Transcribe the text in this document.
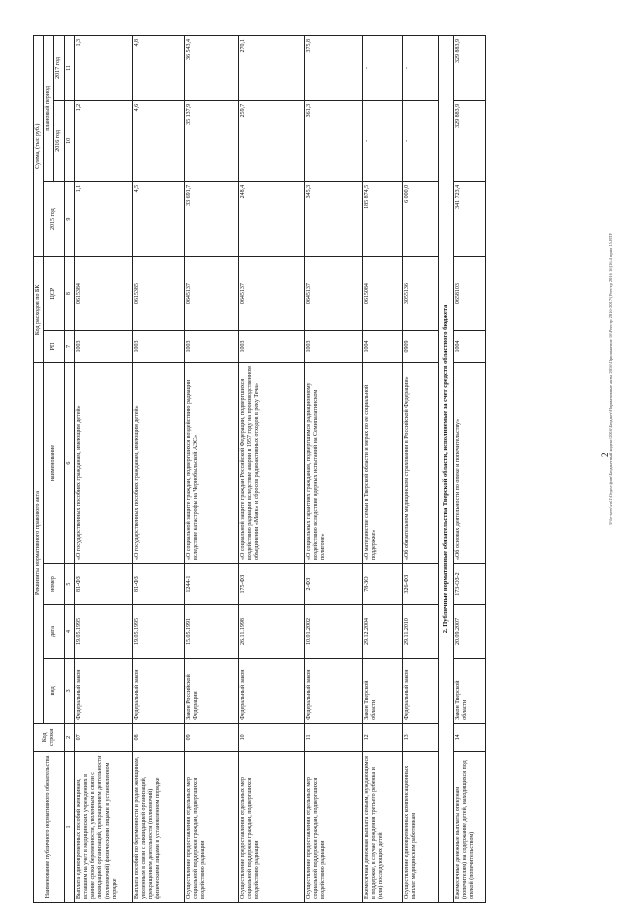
2
\File-serv\vol1\Отдел фин\Бюджетный кодекс\2016\Бюджет\Нормативные акты 2016\Приложение 16\Реестр 2016-2017\[Реестр 2016 16]16.4 прил 15.RTF
Наименование публичного нормативного обязательства	Код строки	Реквизиты нормативного правового акта				Код расходов по БК		Сумма, (тыс руб.)		
		вид	дата	номер	наименование	РП	ЦСР	2015 год	плановый период	
									2016 год	2017 год
1	2	3	4	5	6	7	8	9	10	11
Выплата единовременных пособий женщинам, вставшим на учет в медицинских учреждениях в ранние сроки беременности, уволенным в связи с ликвидацией организаций, прекращением деятельности (полномочий) физическими лицами в установленном порядке	07	Федеральный закон	19.05.1995	81-ФЗ	«О государственных пособиях гражданам, имеющим детей»	1003	0615384	1,1	1,2	1,3
Выплата пособий по беременности и родам женщинам, уволенным в связи с ликвидацией организаций, прекращением деятельности (полномочий) физическими лицами в установленном порядке	08	Федеральный закон	19.05.1995	81-ФЗ	«О государственных пособиях гражданам, имеющим детей»	1003	0615385	4,5	4,6	4,8
Осуществление предоставления отдельных мер социальной поддержки граждан, подвергшихся воздействию радиации	09	Закон Российской Федерации	15.05.1991	1244-1	«О социальной защите граждан, подвергшихся воздействию радиации вследствие катастрофы на Чернобыльской АЭС»	1003	0645137	33 691,7	35 137,9	36 543,4
Осуществление предоставления отдельных мер социальной поддержки граждан, подвергшихся воздействию радиации	10	Федеральный закон	26.11.1998	175-ФЗ	«О социальной защите граждан Российской Федерации, подвергшихся воздействию радиации вследствие аварии в 1957 году на производственном объединении «Маяк» и сбросов радиоактивных отходов в реку Теча»	1003	0645137	248,4	259,7	270,1
Осуществление предоставления отдельных мер социальной поддержки граждан, подвергшихся воздействию радиации	11	Федеральный закон	10.01.2002	2-ФЗ	«О социальных гарантиях гражданам, подвергшимся радиационному воздействию вследствие ядерных испытаний на Семипалатинском полигоне»	1003	0645137	345,3	361,3	375,8
Ежемесячная денежная выплата семьям, нуждающимся в поддержке, в случае рождения третьего ребенка и (или) последующих детей	12	Закон Тверской области	29.12.2004	78-ЗО	«О материнстве семьи в Тверской области и мерах по ее социальной поддержке»	1004	0615084	185 874,5	-	-
Осуществление единовременных компенсационных выплат медицинским работникам	13	Федеральный закон	29.11.2010	326-ФЗ	«Об обязательном медицинском страховании в Российской Федерации»	0909	3055136	6 000,0	-	-
2. Публичные нормативные обязательства Тверской области, исполняемые за счет средств областного бюджета										
Ежемесячные денежные выплаты опекунам (попечителям) на содержание детей, находящихся под опекой (попечительством)	14	Закон Тверской области	20.09.2007	173-ОЗ-2	«Об основах деятельности по опеке и попечительству»	1004	0658103	341 723,4	329 883,9	329 883,9
